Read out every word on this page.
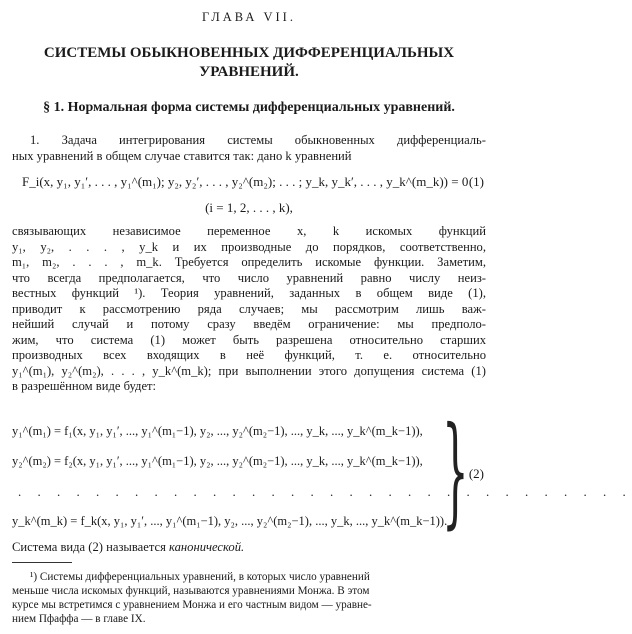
ГЛАВА VII.
СИСТЕМЫ ОБЫКНОВЕННЫХ ДИФФЕРЕНЦИАЛЬНЫХ
УРАВНЕНИЙ.
§ 1. Нормальная форма системы дифференциальных уравнений.
1. Задача интегрирования системы обыкновенных дифференциаль-
ных уравнений в общем случае ставится так: дано k уравнений
F_i(x, y₁, y₁′, . . . , y₁^(m₁); y₂, y₂′, . . . , y₂^(m₂); . . . ; y_k, y_k′, . . . , y_k^(m_k)) = 0 (1)
(i = 1, 2, . . . , k),
связывающих независимое переменное x, k искомых функций
y₁, y₂, . . . , y_k и их производные до порядков, соответственно,
m₁, m₂, . . . , m_k. Требуется определить искомые функции. Заметим,
что всегда предполагается, что число уравнений равно числу неиз-
вестных функций ¹). Теория уравнений, заданных в общем виде (1),
приводит к рассмотрению ряда случаев; мы рассмотрим лишь важ-
нейший случай и потому сразу введём ограничение: мы предполо-
жим, что система (1) может быть разрешена относительно старших
производных всех входящих в неё функций, т. е. относительно
y₁^(m₁), y₂^(m₂), . . . , y_k^(m_k); при выполнении этого допущения система (1)
в разрешённом виде будет:
y₁^(m₁) = f₁(x, y₁, y₁′, ..., y₁^(m₁−1), y₂, ..., y₂^(m₂−1), ..., y_k, ..., y_k^(m_k−1)),
y₂^(m₂) = f₂(x, y₁, y₁′, ..., y₁^(m₁−1), y₂, ..., y₂^(m₂−1), ..., y_k, ..., y_k^(m_k−1)),
. . . . . . . . . . . . . . . . . . . . . . . . . . . . . . . .
y_k^(m_k) = f_k(x, y₁, y₁′, ..., y₁^(m₁−1), y₂, ..., y₂^(m₂−1), ..., y_k, ..., y_k^(m_k−1)).
} (2)
Система вида (2) называется канонической.
¹) Системы дифференциальных уравнений, в которых число уравнений
меньше числа искомых функций, называются уравнениями Монжа. В этом
курсе мы встретимся с уравнением Монжа и его частным видом — уравне-
нием Пфаффа — в главе IX.
